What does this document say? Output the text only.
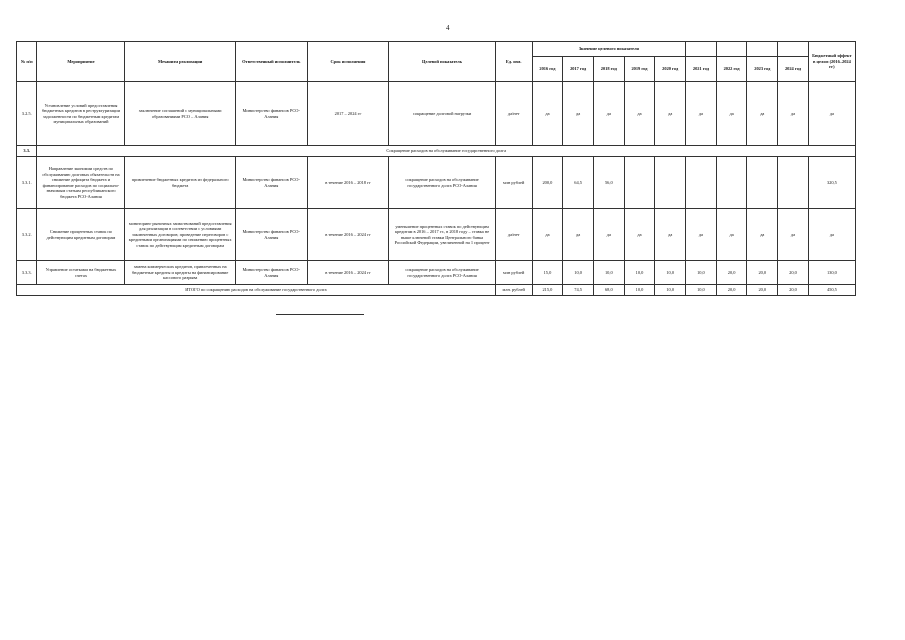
4
№ п/п	Мероприятие	Механизм реализации	Ответственный исполнитель	Срок исполнения	Целевой показатель	Ед. изм.	Значение целевого показателя									Бюджетный эффект в целом (2016–2024 гг)
							2016 год	2017 год	2018 год	2019 год	2020 год	2021 год	2022 год	2023 год	2024 год	
3.2.5.	Установление условий предоставления бюджетных кредитов в реструктуризации задолженности по бюджетным кредитам муниципальных образований	заключение соглашений с муниципальными образованиями РСО – Алания	Министерство финансов РСО-Алания	2017 – 2024 гг	сокращение долговой нагрузки	да/нет	да	да	да	да	да	да	да	да	да	да
3.3.	Сокращение расходов на обслуживание государственного долга															
3.3.1.	Направление экономии средств по обслуживанию долговых обязательств на снижение дефицита бюджета и финансирование расходов по социально-значимым статьям республиканского бюджета РСО-Алания	привлечение бюджетных кредитов из федерального бюджета	Министерство финансов РСО-Алания	в течение 2016 – 2018 гг	сокращение расходов на обслуживание государственного долга РСО-Алания	млн рублей	200,0	64,5	56,0							320,5
3.3.2.	Снижение процентных ставок по действующим кредитным договорам	мониторинг рыночных заимствований предоставления для реализации в соответствии с условиями заключенных договоров; проведение переговоров с кредитными организациями по снижению процентных ставок по действующим кредитным договорам	Министерство финансов РСО-Алания	в течение 2016 – 2024 гг	уменьшение процентных ставок по действующим кредитам в 2016 – 2017 гг., в 2018 году – ставка не выше ключевой ставки Центрального банка Российской Федерации, увеличенной на 1 процент	да/нет	да	да	да	да	да	да	да	да	да	да
3.3.3.	Управление остатками на бюджетных счетах	замена коммерческих кредитов, привлеченных на бюджетные кредиты и кредиты на финансирование кассового разрыва	Министерство финансов РСО-Алания	в течение 2016 – 2024 гг	сокращение расходов на обслуживание государственного долга РСО-Алания	млн рублей	15,0	10,0	10,0	10,0	10,0	10,0	20,0	20,0	20,0	130,0
ИТОГО по сокращению расходов на обслуживание государственного долга						млн. рублей	215,0	74,5	68,0	10,0	10,0	10,0	20,0	20,0	20,0	450,5
